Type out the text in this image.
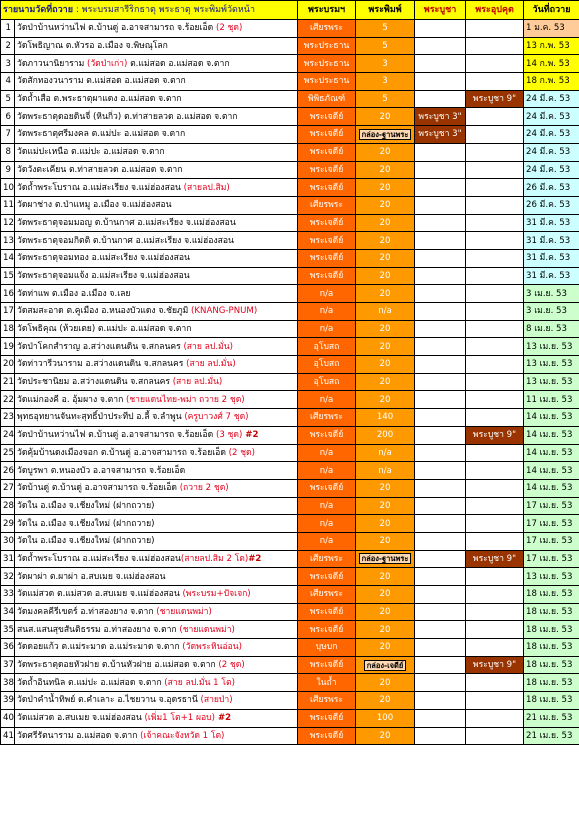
รายนามวัดที่ถวาย : พระบรมสารีริกธาตุ พระธาตุ พระพิมพ์วัดหน้า		พระบรมฯ	พระพิมพ์	พระบูชา	พระอุปคุต	วันที่ถวาย
1	วัดป่าบ้านหว่านไฟ ต.บ้านดู่ อ.อาจสามารถ จ.ร้อยเอ็ด (2 ชุด)	เศียรพระ	5			1 ม.ค. 53
2	วัดโพธิญาณ ต.หัวรอ อ.เมือง จ.พิษณุโลก	พระประธาน	5			13 ก.พ. 53
3	วัดภาวนานิยาราม (วัดป่าเก่า) ต.แม่สอด อ.แม่สอด จ.ตาก	พระประธาน	3			14 ก.พ. 53
4	วัดสักทองวนาราม ต.แม่สอด อ.แม่สอด จ.ตาก	พระประธาน	3			18 ก.พ. 53
5	วัดถ้ำเสือ ต.พระธาตุผาแดง อ.แม่สอด จ.ตาก	พิพิธภัณฑ์	5		พระบูชา 9"	24 มี.ค. 53
6	วัดพระธาตุดอยดินจี่ (หินกิ่ว) ต.ท่าสายลวด อ.แม่สอด จ.ตาก	พระเจดีย์	20	พระบูชา 3"		24 มี.ค. 53
7	วัดพระธาตุศรีมงคล ต.แม่ปะ อ.แม่สอด จ.ตาก	พระเจดีย์	กล่อง-ฐานพระ	พระบูชา 3"		24 มี.ค. 53
8	วัดแม่ปะเหนือ ต.แม่ปะ อ.แม่สอด จ.ตาก	พระเจดีย์	20			24 มี.ค. 53
9	วัดวังตะเคียน ต.ท่าสายลวด อ.แม่สอด จ.ตาก	พระเจดีย์	20			24 มี.ค. 53
10	วัดถ้ำพระโบราณ อ.แม่สะเรียง จ.แม่ฮ่องสอน (สายลป.สิม)	พระเจดีย์	20			26 มี.ค. 53
11	วัดผาช่าง ต.ป่าแหมู อ.เมือง จ.แม่ฮ่องสอน	เศียรพระ	20			26 มี.ค. 53
12	วัดพระธาตุจอมมอญ ต.บ้านกาศ อ.แม่สะเรียง จ.แม่ฮ่องสอน	พระเจดีย์	20			31 มี.ค. 53
13	วัดพระธาตุจอมกิตติ ต.บ้านกาศ อ.แม่สะเรียง จ.แม่ฮ่องสอน	พระเจดีย์	20			31 มี.ค. 53
14	วัดพระธาตุจอมทอง อ.แม่สะเรียง จ.แม่ฮ่องสอน	พระเจดีย์	20			31 มี.ค. 53
15	วัดพระธาตุจอมแจ้ง อ.แม่สะเรียง จ.แม่ฮ่องสอน	พระเจดีย์	20			31 มี.ค. 53
16	วัดท่าแพ ต.เมือง อ.เมือง จ.เลย	n/a	20			3 เม.ย. 53
17	วัดสมสะอาด ต.คูเมือง อ.หนองบัวแดง จ.ชัยภูมิ (KNANG-PNUM)	n/a	n/a			3 เม.ย. 53
18	วัดโพธิคุณ (ห้วยเตย) ต.แม่ปะ อ.แม่สอด จ.ตาก	n/a	20			8 เม.ย. 53
19	วัดป่าโคกสำราญ อ.สว่างแดนดิน จ.สกลนคร (สาย ลป.มั่น)	อุโบสถ	20			13 เม.ย. 53
20	วัดท่าวารีวนาราม อ.สว่างแดนดิน จ.สกลนคร (สาย ลป.มั่น)	อุโบสถ	20			13 เม.ย. 53
21	วัดประชานิยม อ.สว่างแดนดิน จ.สกลนคร (สาย ลป.มั่น)	อุโบสถ	20			13 เม.ย. 53
22	วัดแม่กองคี อ. อุ้มผาง จ.ตาก (ชายแดนไทย-พม่า ถวาย 2 ชุด)	n/a	20			11 เม.ย. 53
23	พุทธอุทยานจันทะสุทธิ์ป่าประทีป อ.ลี้ จ.ลำพูน (ครูบาวงศ์ 7 ชุด)	เศียรพระ	140			14 เม.ย. 53
24	วัดป่าบ้านหว่านไฟ ต.บ้านดู่ อ.อาจสามารถ จ.ร้อยเอ็ด (3 ชุด) #2	พระเจดีย์	200		พระบูชา 9"	14 เม.ย. 53
25	วัดคุ้มบ้านดงเมืองจอก ต.บ้านดู่ อ.อาจสามารถ จ.ร้อยเอ็ด (2 ชุด)	n/a	n/a			14 เม.ย. 53
26	วัดบูรพา ต.หนองบัว อ.อาจสามารถ จ.ร้อยเอ็ด	n/a	n/a			14 เม.ย. 53
27	วัดบ้านดู่ ต.บ้านดู่ อ.อาจสามารถ จ.ร้อยเอ็ด (ถวาย 2 ชุด)	พระเจดีย์	20			14 เม.ย. 53
28	วัดใน อ.เมือง จ.เชียงใหม่ (ฝากถวาย)	n/a	20			17 เม.ย. 53
29	วัดใน อ.เมือง จ.เชียงใหม่ (ฝากถวาย)	n/a	20			17 เม.ย. 53
30	วัดใน อ.เมือง จ.เชียงใหม่ (ฝากถวาย)	n/a	20			17 เม.ย. 53
31	วัดถ้ำพระโบราณ อ.แม่สะเรียง จ.แม่ฮ่องสอน(สายลป.สิม 2 โต)#2	เศียรพระ	กล่อง-ฐานพระ		พระบูชา 9"	17 เม.ย. 53
32	วัดผาผ่า ต.ผาผ่า อ.สบเมย จ.แม่ฮ่องสอน	พระเจดีย์	20			13 เม.ย. 53
33	วัดแม่สวด ต.แม่สวด อ.สบเมย จ.แม่ฮ่องสอน (พระบรม+ปัจเจก)	เศียรพระ	20			18 เม.ย. 53
34	วัดมงคลคีรีเขตร์ อ.ท่าสองยาง จ.ตาก (ชายแดนพม่า)	พระเจดีย์	20			18 เม.ย. 53
35	สนส.แสนสุขสันติธรรม อ.ท่าสองยาง จ.ตาก (ชายแดนพม่า)	พระเจดีย์	20			18 เม.ย. 53
36	วัดดอยแก้ว ต.แม่ระมาด อ.แม่ระมาด จ.ตาก (วัดพระหินอ่อน)	บุษบก	20			18 เม.ย. 53
37	วัดพระธาตุดอยหัวฝาย ต.บ้านหัวฝาย อ.แม่สอด จ.ตาก (2 ชุด)	พระเจดีย์	กล่อง-เจดีย์		พระบูชา 9"	18 เม.ย. 53
38	วัดถ้ำอินทนิล ต.แม่ปะ อ.แม่สอด จ.ตาก (สาย ลป.มั่น 1 โต)	ในถ้ำ	20			18 เม.ย. 53
39	วัดป่าคำน้ำทิพย์ ต.คำเลาะ อ.ไชยวาน จ.อุดรธานี (สายป่า)	เศียรพระ	20			18 เม.ย. 53
40	วัดแม่สวด อ.สบเมย จ.แม่ฮ่องสอน (เพิ่ม1 โต+1 ผอบ) #2	พระเจดีย์	100			21 เม.ย. 53
41	วัดศรีรัตนาราม อ.แม่สอด จ.ตาก (เจ้าคณะจังหวัด 1 โต)	พระเจดีย์	20			21 เม.ย. 53
